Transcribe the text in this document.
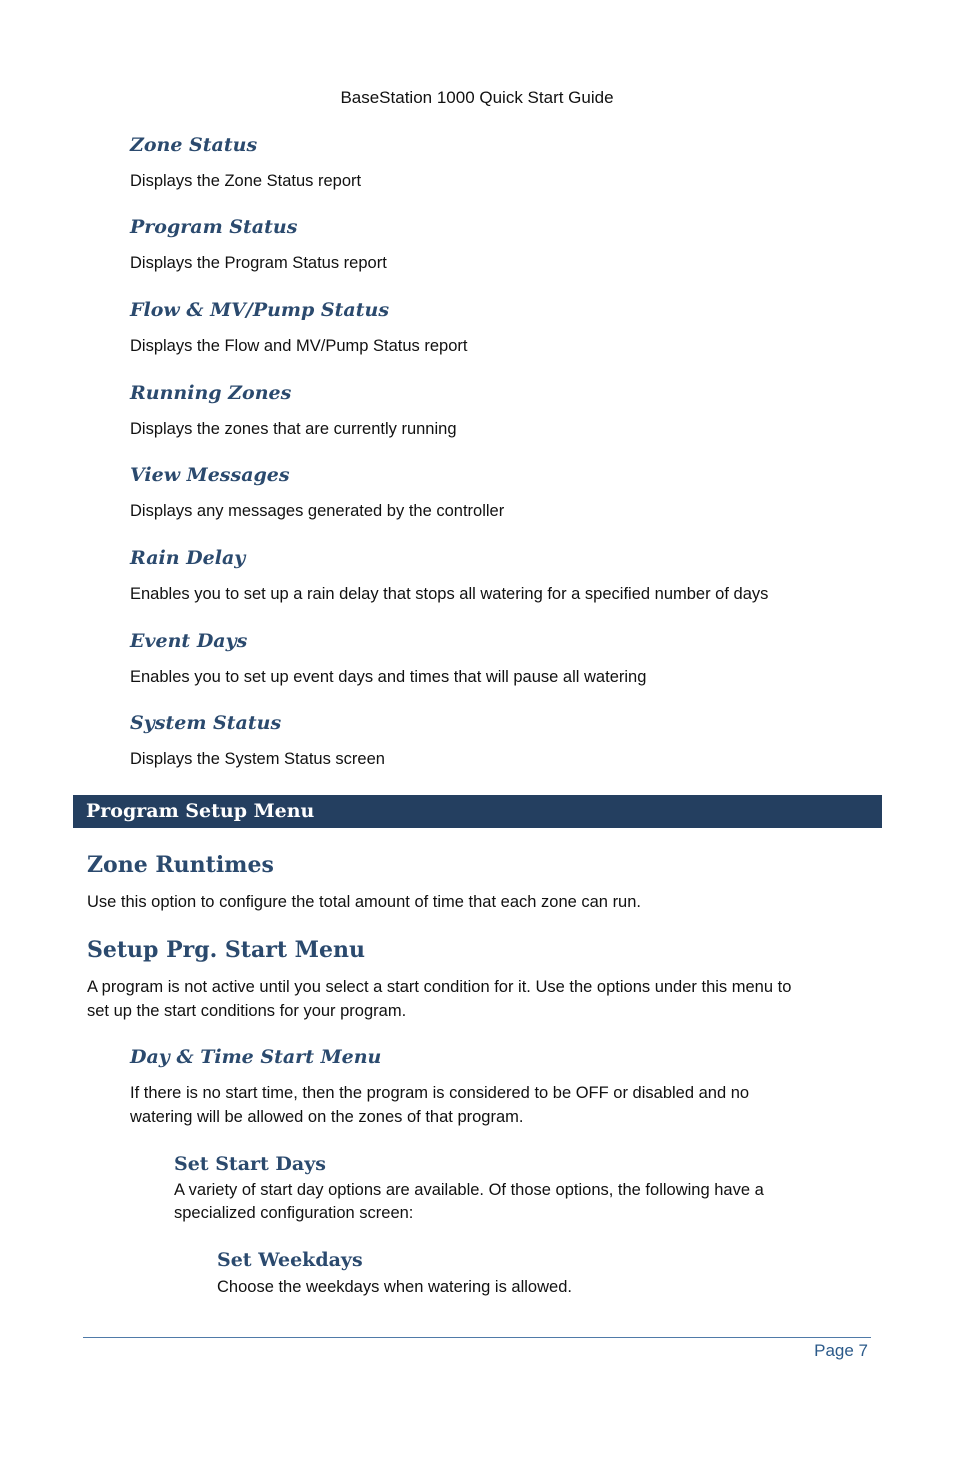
BaseStation 1000 Quick Start Guide
Zone Status

Displays the Zone Status report

Program Status

Displays the Program Status report

Flow & MV/Pump Status

Displays the Flow and MV/Pump Status report

Running Zones

Displays the zones that are currently running

View Messages

Displays any messages generated by the controller

Rain Delay

Enables you to set up a rain delay that stops all watering for a specified number of days

Event Days

Enables you to set up event days and times that will pause all watering

System Status

Displays the System Status screen

Program Setup Menu
Zone Runtimes

Use this option to configure the total amount of time that each zone can run.

Setup Prg. Start Menu

A program is not active until you select a start condition for it. Use the options under this menu to

set up the start conditions for your program.

Day & Time Start Menu

If there is no start time, then the program is considered to be OFF or disabled and no

watering will be allowed on the zones of that program.

Set Start Days

A variety of start day options are available. Of those options, the following have a

specialized configuration screen:

Set Weekdays

Choose the weekdays when watering is allowed.

Page 7
